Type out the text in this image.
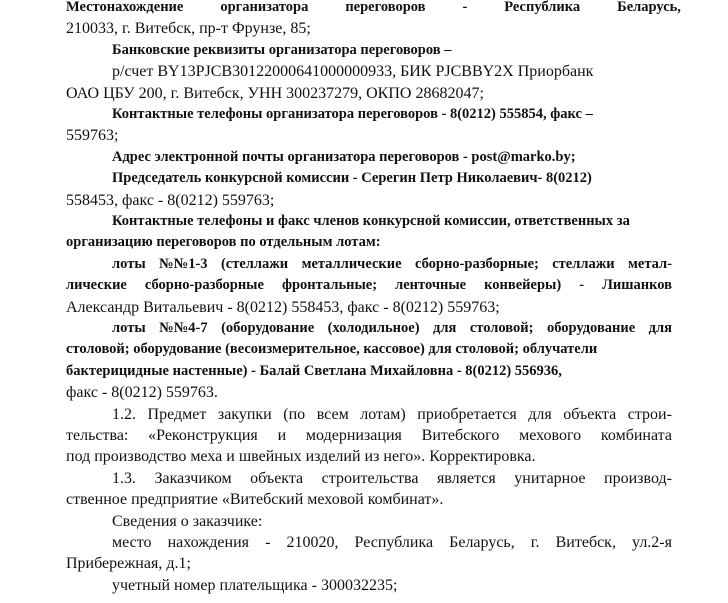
Местонахождение	организатора	переговоров	-	Республика	Беларусь,
210033, г. Витебск, пр-т Фрунзе, 85;
Банковские реквизиты организатора переговоров –
р/счет BY13PJCB30122000641000000933, БИК PJCBBY2X Приорбанк
ОАО ЦБУ 200, г. Витебск, УНН 300237279, ОКПО 28682047;
Контактные телефоны организатора переговоров - 8(0212) 555854, факс –
559763;
Адрес электронной почты организатора переговоров - post@marko.by;
Председатель конкурсной комиссии - Серегин Петр Николаевич- 8(0212)
558453, факс - 8(0212) 559763;
Контактные телефоны и факс членов конкурсной комиссии, ответственных за
организацию переговоров по отдельным лотам:
лоты №№1-3 (стеллажи металлические сборно-разборные; стеллажи метал-
лические сборно-разборные фронтальные; ленточные конвейеры) - Лишанков
Александр Витальевич - 8(0212) 558453, факс - 8(0212) 559763;
лоты №№4-7 (оборудование (холодильное) для столовой; оборудование для
столовой; оборудование (весоизмерительное, кассовое) для столовой; облучатели
бактерицидные настенные) - Балай Светлана Михайловна - 8(0212) 556936,
факс - 8(0212) 559763.
1.2. Предмет закупки (по всем лотам) приобретается для объекта строи-
тельства: «Реконструкция и модернизация Витебского мехового комбината
под производство меха и швейных изделий из него». Корректировка.
1.3. Заказчиком объекта строительства является унитарное производ-
ственное предприятие «Витебский меховой комбинат».
Сведения о заказчике:
место нахождения - 210020, Республика Беларусь, г. Витебск, ул.2-я
Прибережная, д.1;
учетный номер плательщика - 300032235;
